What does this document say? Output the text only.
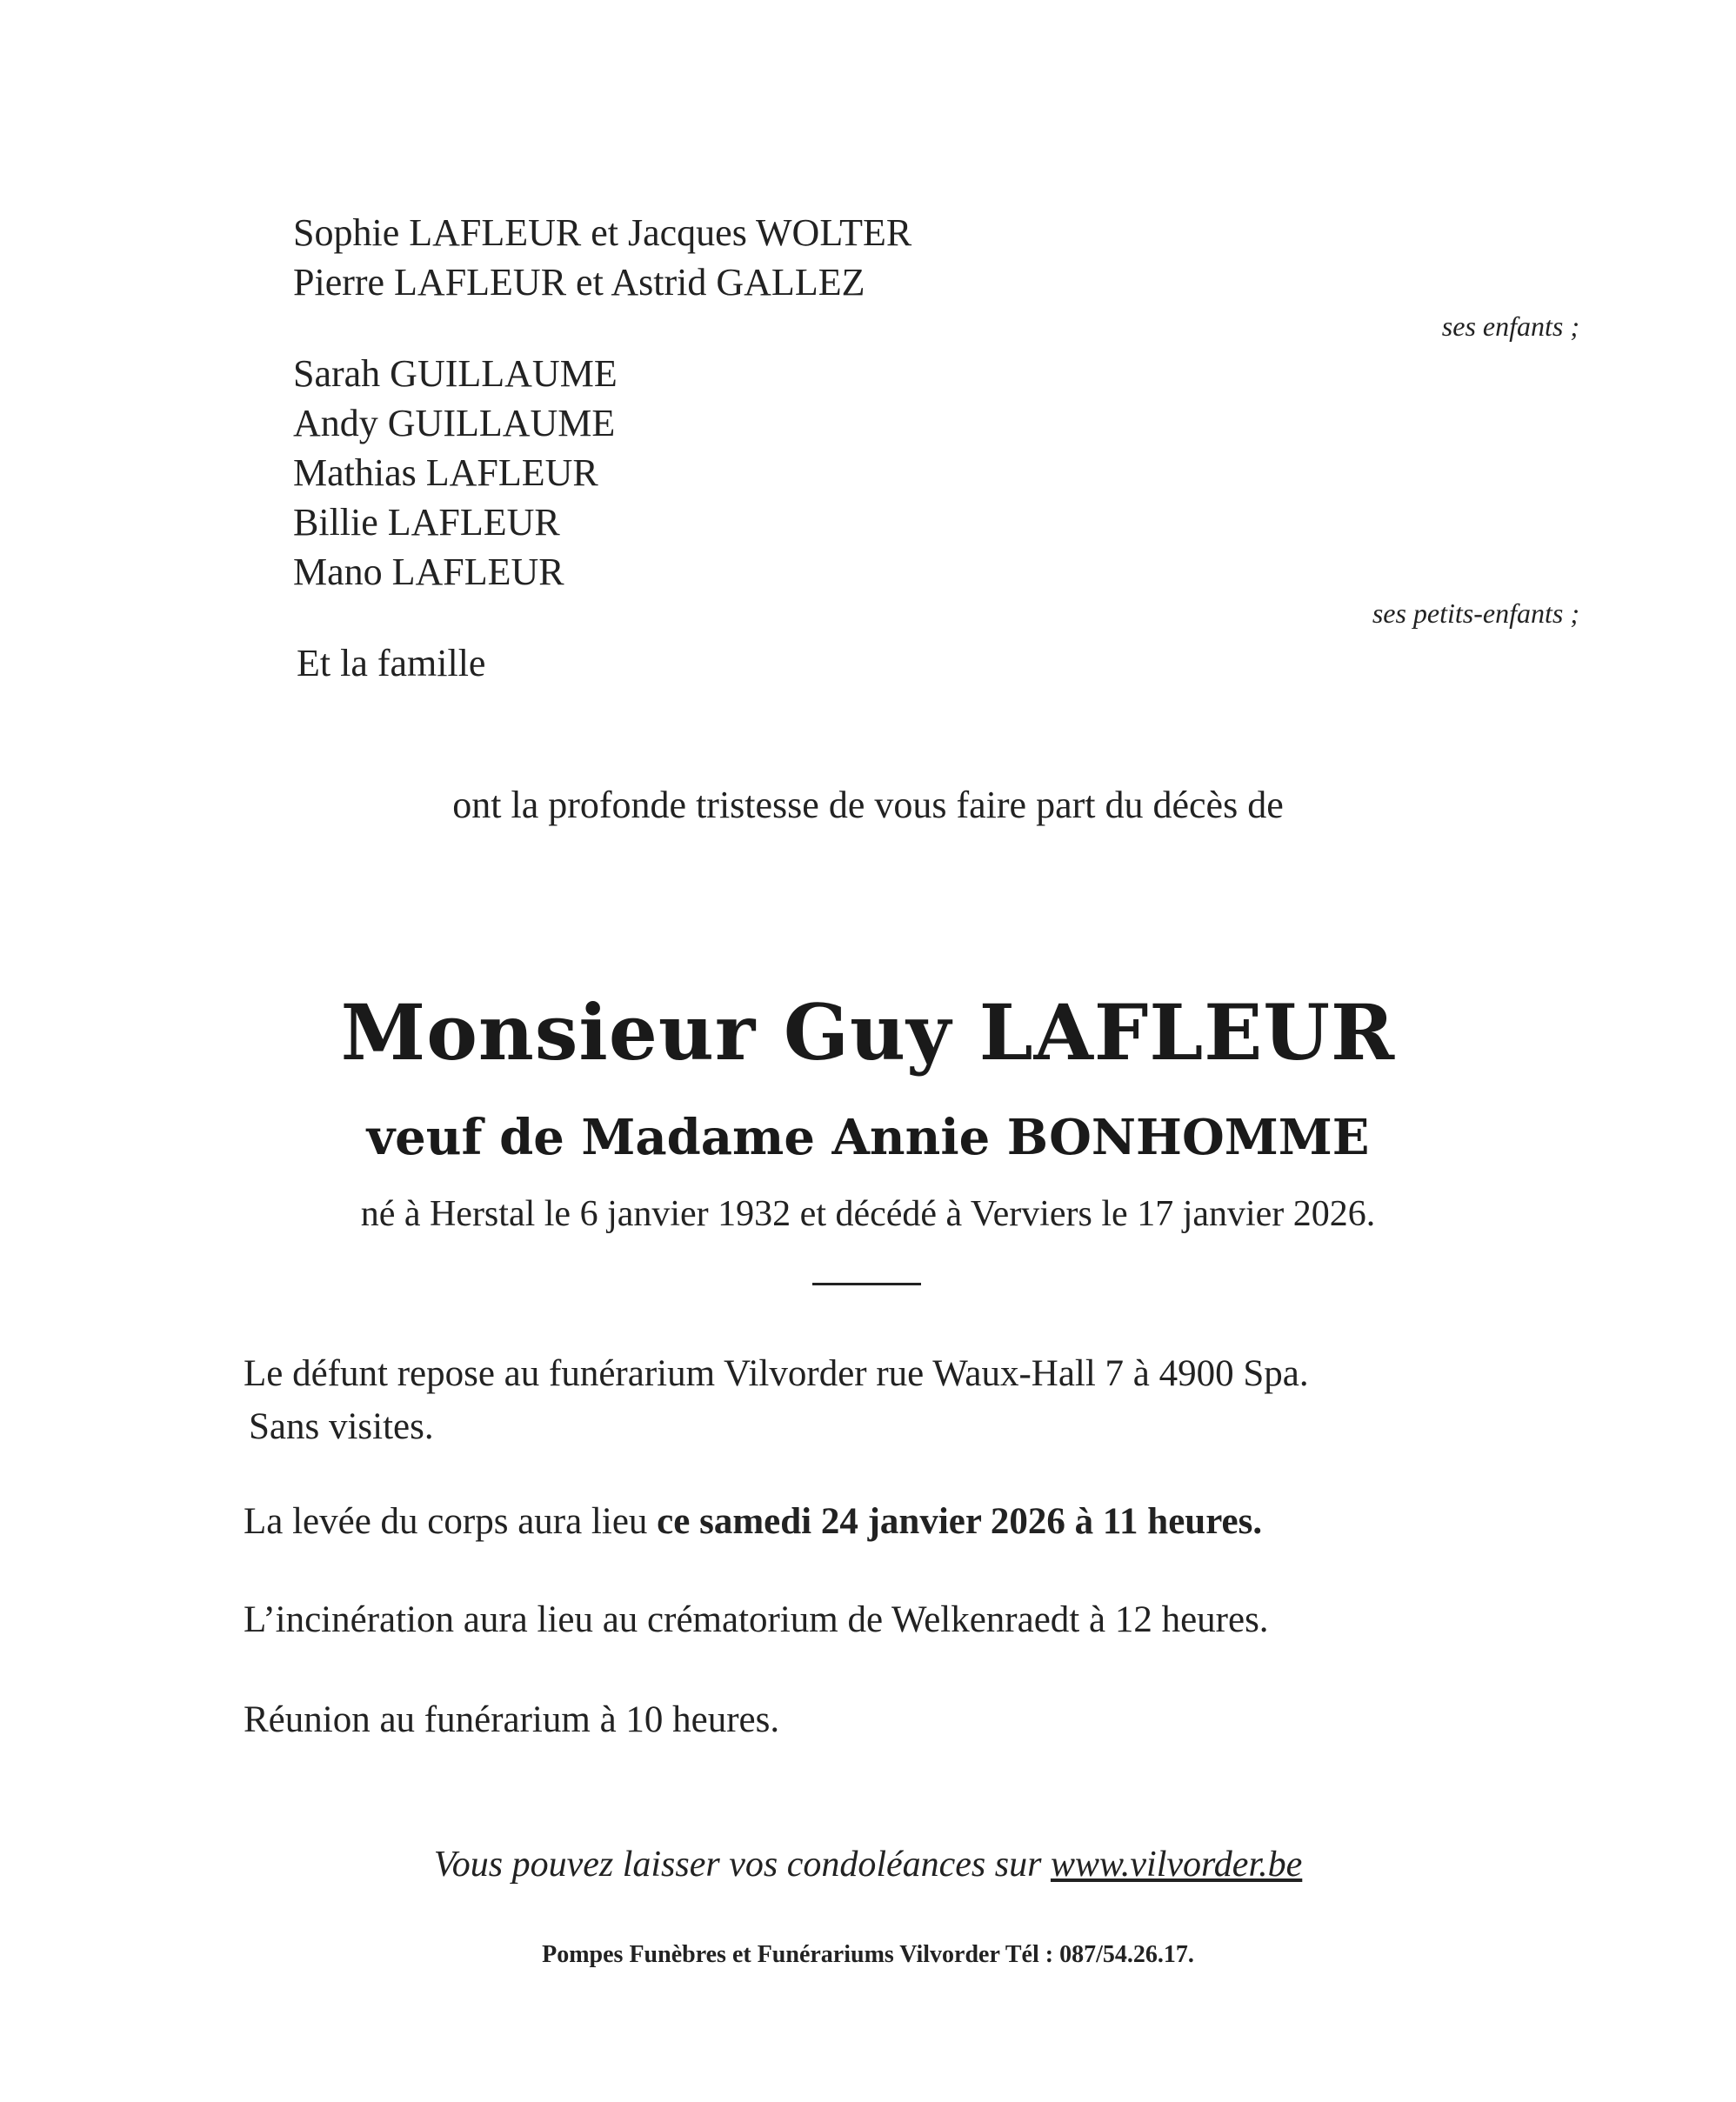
Sophie LAFLEUR et Jacques WOLTER
Pierre LAFLEUR et Astrid GALLEZ
ses enfants ;
Sarah GUILLAUME
Andy GUILLAUME
Mathias LAFLEUR
Billie LAFLEUR
Mano LAFLEUR
ses petits-enfants ;
Et la famille
ont la profonde tristesse de vous faire part du décès de
Monsieur Guy LAFLEUR
veuf de Madame Annie BONHOMME
né à Herstal le 6 janvier 1932 et décédé à Verviers le 17 janvier 2026.
Le défunt repose au funérarium Vilvorder rue Waux-Hall 7 à 4900 Spa.
Sans visites.
La levée du corps aura lieu ce samedi 24 janvier 2026 à 11 heures.
L’incinération aura lieu au crématorium de Welkenraedt à 12 heures.
Réunion au funérarium à 10 heures.
Vous pouvez laisser vos condoléances sur www.vilvorder.be
Pompes Funèbres et Funérariums Vilvorder Tél : 087/54.26.17.
